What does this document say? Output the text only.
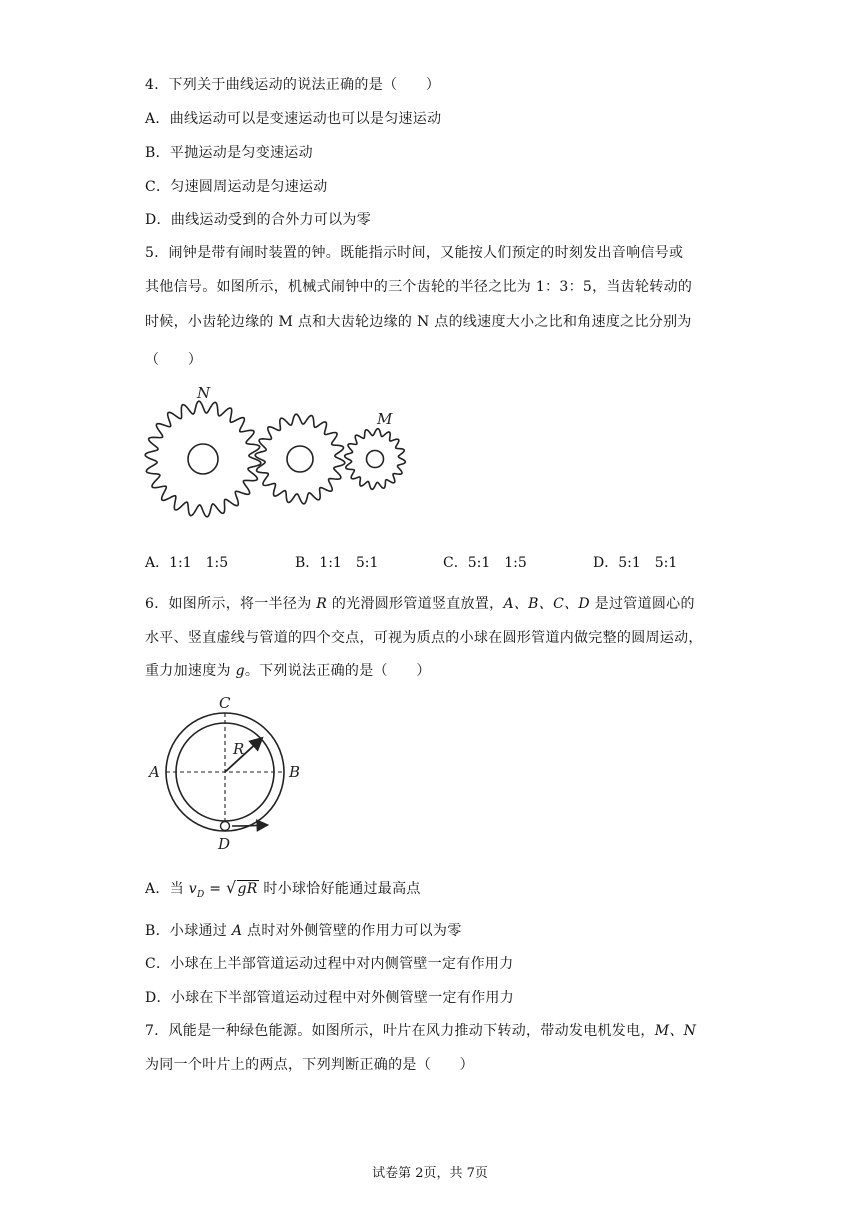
4．下列关于曲线运动的说法正确的是（　　）
A．曲线运动可以是变速运动也可以是匀速运动
B．平抛运动是匀变速运动
C．匀速圆周运动是匀速运动
D．曲线运动受到的合外力可以为零
5．闹钟是带有闹时装置的钟。既能指示时间，又能按人们预定的时刻发出音响信号或
其他信号。如图所示，机械式闹钟中的三个齿轮的半径之比为 1：3：5，当齿轮转动的
时候，小齿轮边缘的 M 点和大齿轮边缘的 N 点的线速度大小之比和角速度之比分别为
（　　）
N
M
A．1:1　1:5	B．1:1　5:1	C．5:1　1:5	D．5:1　5:1
6．如图所示，将一半径为 R 的光滑圆形管道竖直放置，A、B、C、D 是过管道圆心的
水平、竖直虚线与管道的四个交点，可视为质点的小球在圆形管道内做完整的圆周运动，
重力加速度为 g。下列说法正确的是（　　）
C
A	B
D
R
A．当 $v_D = √gR$ 时小球恰好能通过最高点
B．小球通过 A 点时对外侧管壁的作用力可以为零
C．小球在上半部管道运动过程中对内侧管壁一定有作用力
D．小球在下半部管道运动过程中对外侧管壁一定有作用力
7．风能是一种绿色能源。如图所示，叶片在风力推动下转动，带动发电机发电，M、N
为同一个叶片上的两点，下列判断正确的是（　　）
试卷第 2页，共 7页
